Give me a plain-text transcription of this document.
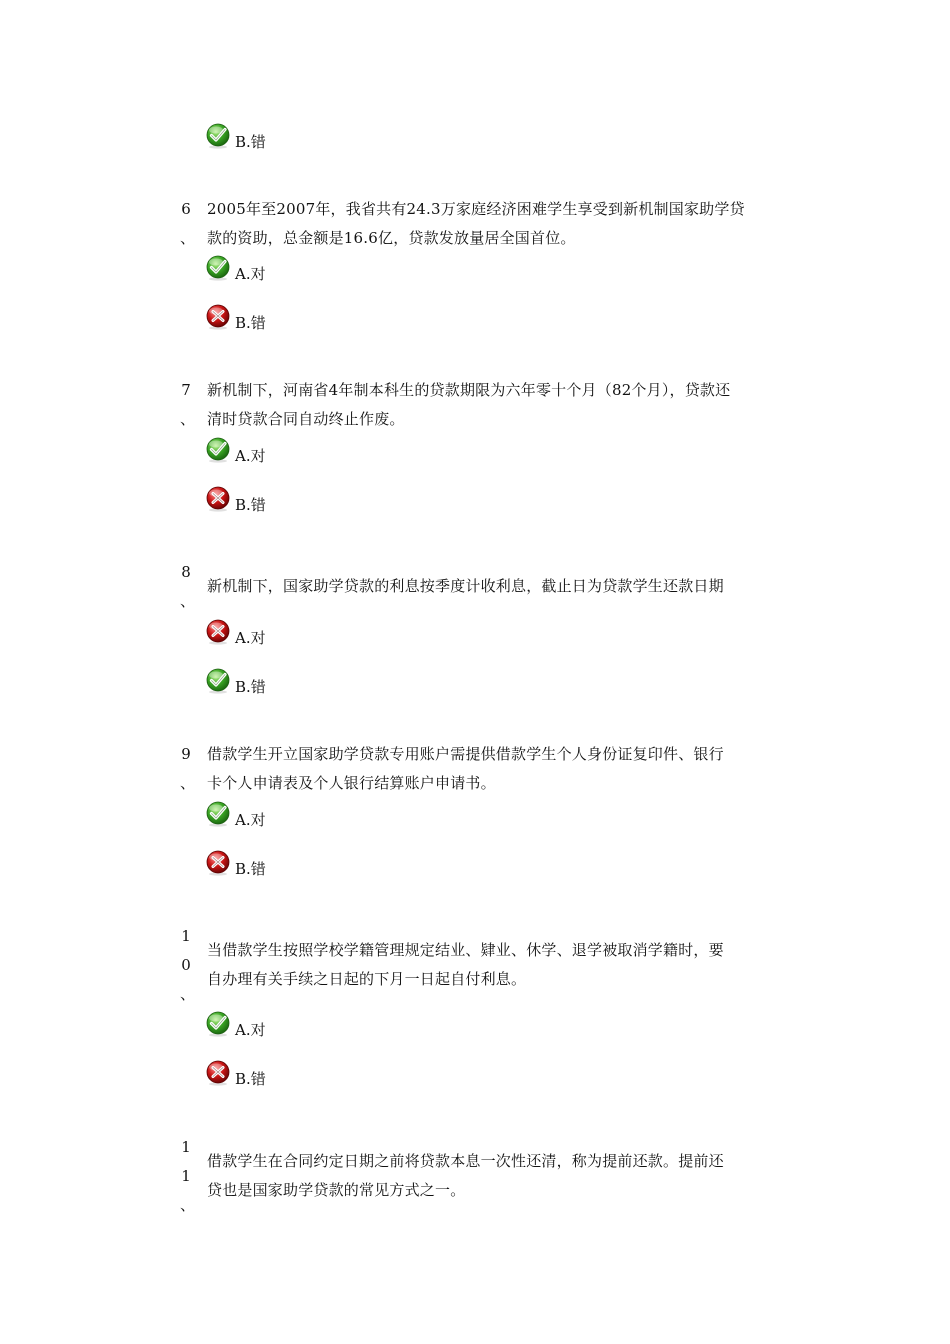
B.错
6
、
2005年至2007年，我省共有24.3万家庭经济困难学生享受到新机制国家助学贷
款的资助，总金额是16.6亿，贷款发放量居全国首位。
A.对
B.错
7
、
新机制下，河南省4年制本科生的贷款期限为六年零十个月（82个月），贷款还
清时贷款合同自动终止作废。
A.对
B.错
8
、
新机制下，国家助学贷款的利息按季度计收利息，截止日为贷款学生还款日期
A.对
B.错
9
、
借款学生开立国家助学贷款专用账户需提供借款学生个人身份证复印件、银行
卡个人申请表及个人银行结算账户申请书。
A.对
B.错
1
0
、
当借款学生按照学校学籍管理规定结业、肄业、休学、退学被取消学籍时，要
自办理有关手续之日起的下月一日起自付利息。
A.对
B.错
1
1
、
借款学生在合同约定日期之前将贷款本息一次性还清，称为提前还款。提前还
贷也是国家助学贷款的常见方式之一。
